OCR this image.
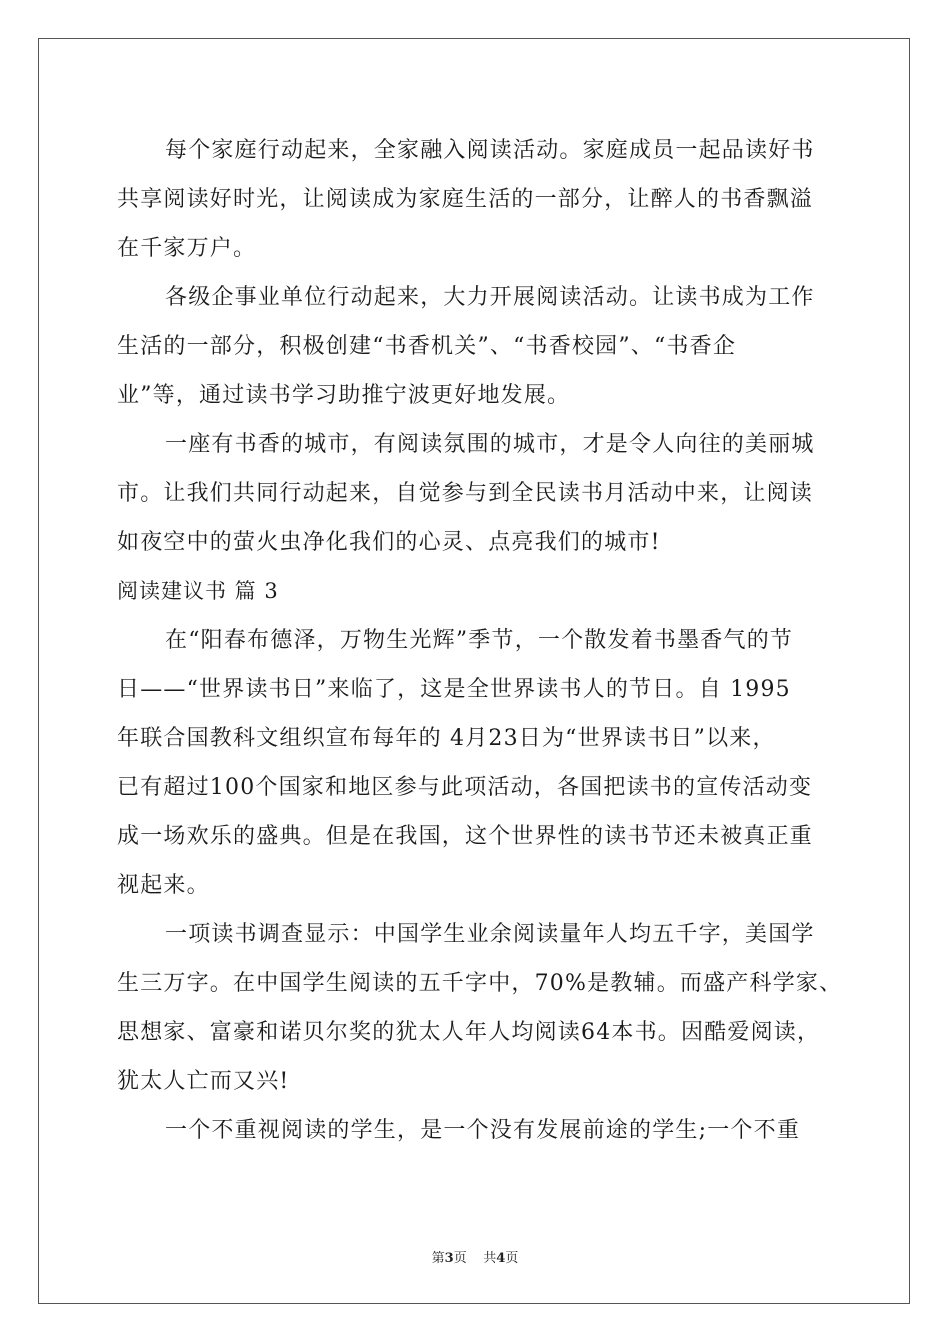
每个家庭行动起来，全家融入阅读活动。家庭成员一起品读好书
共享阅读好时光，让阅读成为家庭生活的一部分，让醉人的书香飘溢
在千家万户。
各级企事业单位行动起来，大力开展阅读活动。让读书成为工作
生活的一部分，积极创建“书香机关”、“书香校园”、“书香企
业”等，通过读书学习助推宁波更好地发展。
一座有书香的城市，有阅读氛围的城市，才是令人向往的美丽城
市。让我们共同行动起来，自觉参与到全民读书月活动中来，让阅读
如夜空中的萤火虫净化我们的心灵、点亮我们的城市!
阅读建议书 篇 3
在“阳春布德泽，万物生光辉”季节，一个散发着书墨香气的节
日——“世界读书日”来临了，这是全世界读书人的节日。自 1995
年联合国教科文组织宣布每年的 4月23日为“世界读书日”以来，
已有超过100个国家和地区参与此项活动，各国把读书的宣传活动变
成一场欢乐的盛典。但是在我国，这个世界性的读书节还未被真正重
视起来。
一项读书调查显示：中国学生业余阅读量年人均五千字，美国学
生三万字。在中国学生阅读的五千字中，70%是教辅。而盛产科学家、
思想家、富豪和诺贝尔奖的犹太人年人均阅读64本书。因酷爱阅读，
犹太人亡而又兴!
一个不重视阅读的学生，是一个没有发展前途的学生;一个不重
第3页 共4页
